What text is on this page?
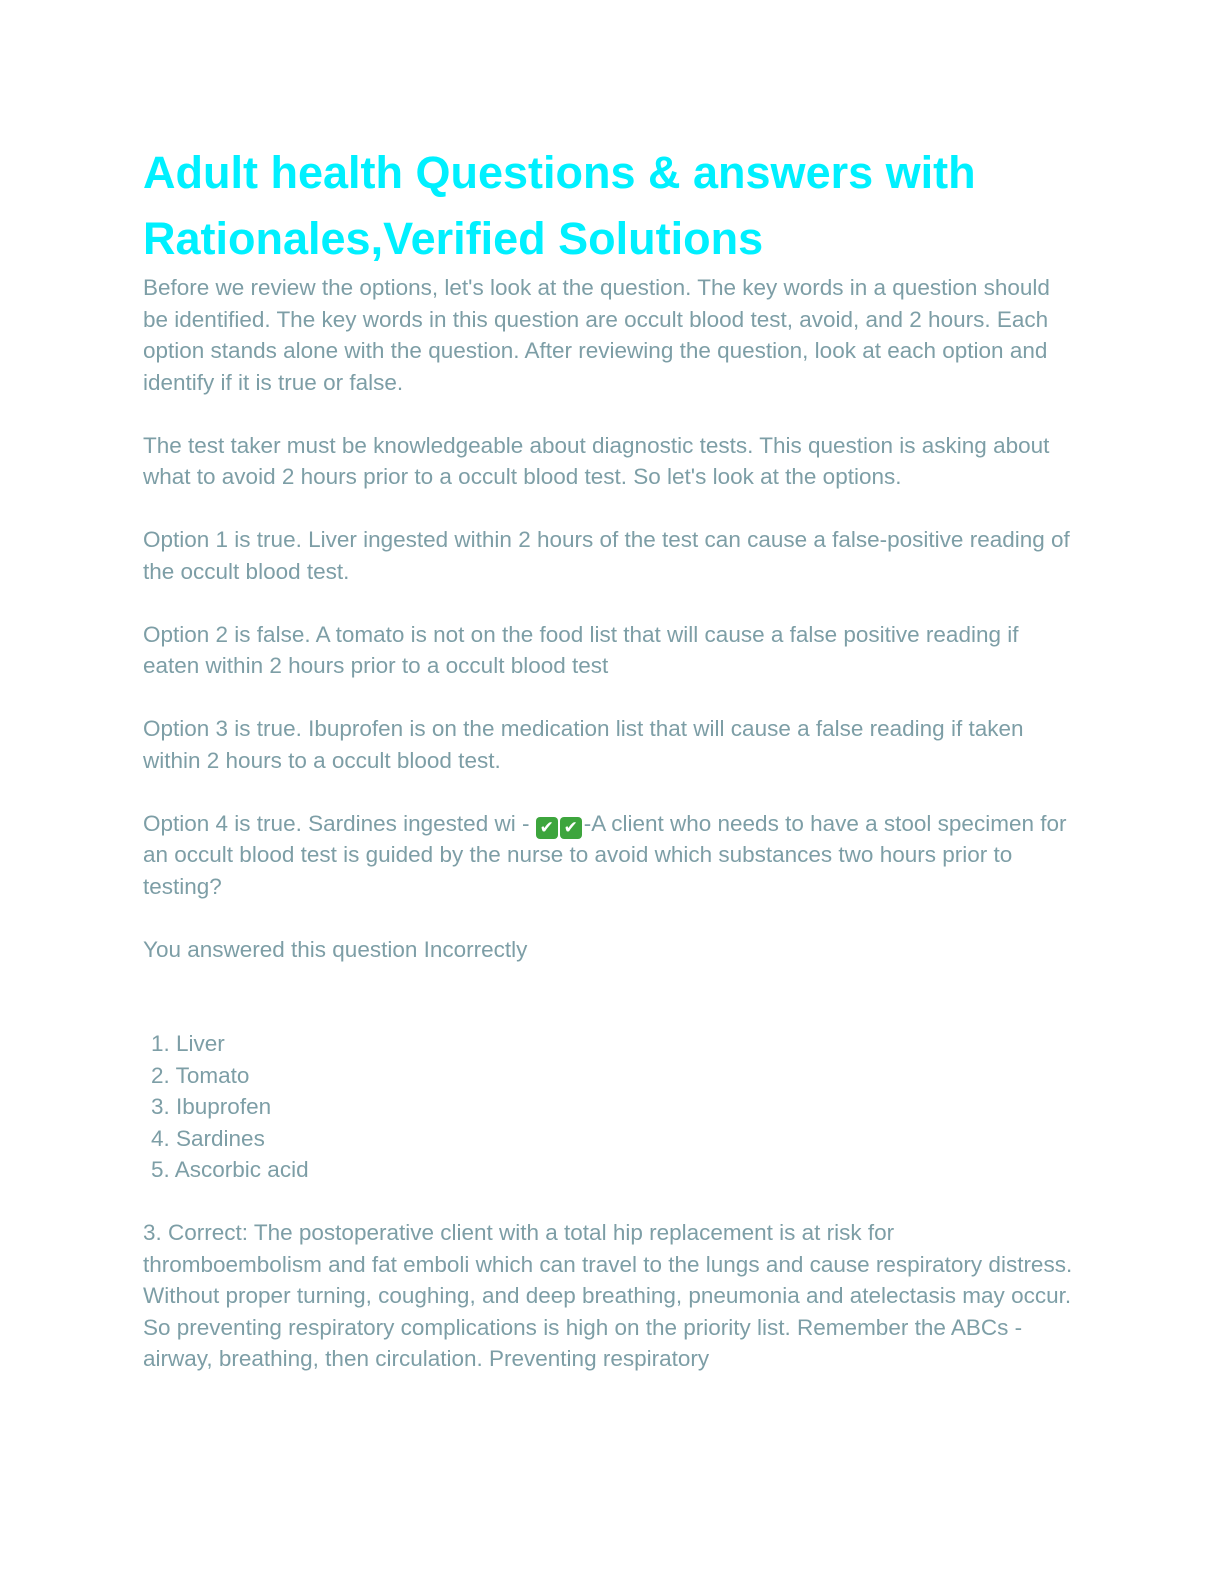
Adult health Questions & answers with Rationales,Verified Solutions

Before we review the options, let's look at the question. The key words in a question should be identified. The key words in this question are occult blood test, avoid, and 2 hours. Each option stands alone with the question. After reviewing the question, look at each option and identify if it is true or false.

The test taker must be knowledgeable about diagnostic tests. This question is asking about what to avoid 2 hours prior to a occult blood test. So let's look at the options.

Option 1 is true. Liver ingested within 2 hours of the test can cause a false-positive reading of the occult blood test.

Option 2 is false. A tomato is not on the food list that will cause a false positive reading if eaten within 2 hours prior to a occult blood test

Option 3 is true. Ibuprofen is on the medication list that will cause a false reading if taken within 2 hours to a occult blood test.

Option 4 is true. Sardines ingested wi - ✔ ✔ -A client who needs to have a stool specimen for an occult blood test is guided by the nurse to avoid which substances two hours prior to testing?

You answered this question Incorrectly

1. Liver
2. Tomato
3. Ibuprofen
4. Sardines
5. Ascorbic acid

3. Correct: The postoperative client with a total hip replacement is at risk for thromboembolism and fat emboli which can travel to the lungs and cause respiratory distress. Without proper turning, coughing, and deep breathing, pneumonia and atelectasis may occur. So preventing respiratory complications is high on the priority list. Remember the ABCs - airway, breathing, then circulation. Preventing respiratory
